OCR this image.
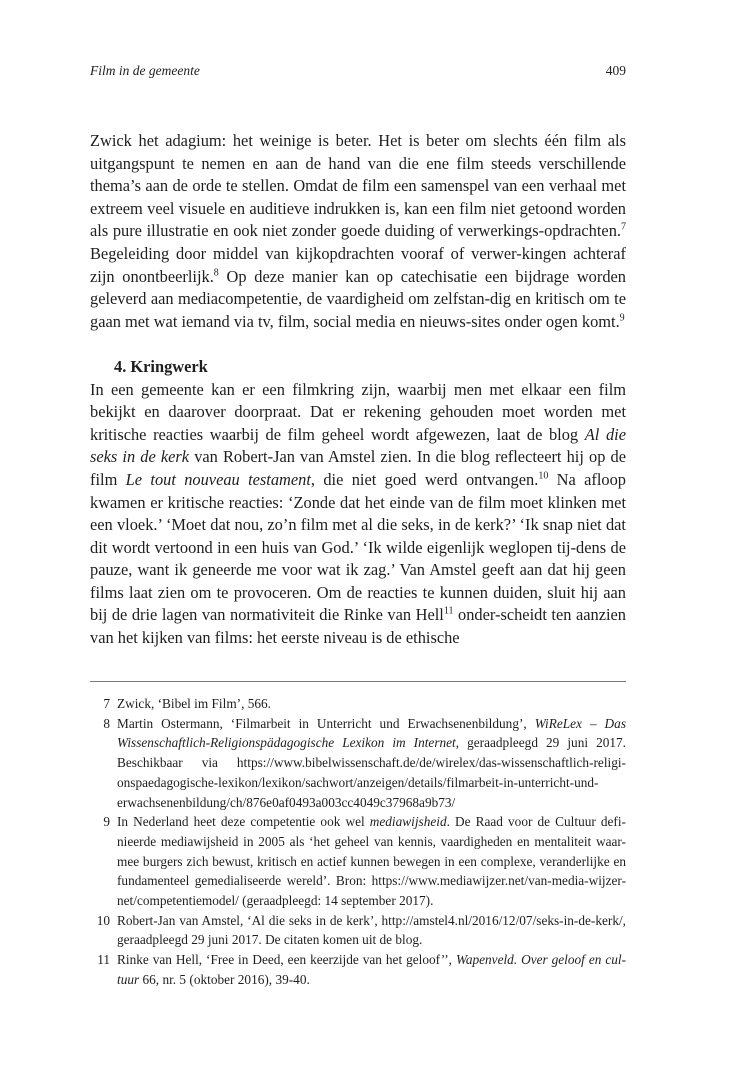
Film in de gemeente	409

Zwick het adagium: het weinige is beter. Het is beter om slechts één film als uitgangspunt te nemen en aan de hand van die ene film steeds verschillende thema’s aan de orde te stellen. Omdat de film een samenspel van een verhaal met extreem veel visuele en auditieve indrukken is, kan een film niet getoond worden als pure illustratie en ook niet zonder goede duiding of verwerkings-opdrachten.$^7$ Begeleiding door middel van kijkopdrachten vooraf of verwer-kingen achteraf zijn onontbeerlijk.$^8$ Op deze manier kan op catechisatie een bijdrage worden geleverd aan mediacompetentie, de vaardigheid om zelfstan-dig en kritisch om te gaan met wat iemand via tv, film, social media en nieuws-sites onder ogen komt.$^9$

4. Kringwerk

In een gemeente kan er een filmkring zijn, waarbij men met elkaar een film bekijkt en daarover doorpraat. Dat er rekening gehouden moet worden met kritische reacties waarbij de film geheel wordt afgewezen, laat de blog Al die seks in de kerk van Robert-Jan van Amstel zien. In die blog reflecteert hij op de film Le tout nouveau testament, die niet goed werd ontvangen.$^{10}$ Na afloop kwamen er kritische reacties: ‘Zonde dat het einde van de film moet klinken met een vloek.’ ‘Moet dat nou, zo’n film met al die seks, in de kerk?’ ‘Ik snap niet dat dit wordt vertoond in een huis van God.’ ‘Ik wilde eigenlijk weglopen tij-dens de pauze, want ik geneerde me voor wat ik zag.’ Van Amstel geeft aan dat hij geen films laat zien om te provoceren. Om de reacties te kunnen duiden, sluit hij aan bij de drie lagen van normativiteit die Rinke van Hell$^{11}$ onder-scheidt ten aanzien van het kijken van films: het eerste niveau is de ethische

7 Zwick, ‘Bibel im Film’, 566.
8 Martin Ostermann, ‘Filmarbeit in Unterricht und Erwachsenenbildung’, WiReLex – Das Wissenschaftlich-Religionspädagogische Lexikon im Internet, geraadpleegd 29 juni 2017. Beschikbaar via https://www.bibelwissenschaft.de/de/wirelex/das-wissenschaftlich-religi-onspaedagogische-lexikon/lexikon/sachwort/anzeigen/details/filmarbeit-in-unterricht-und-erwachsenenbildung/ch/876e0af0493a003cc4049c37968a9b73/
9 In Nederland heet deze competentie ook wel mediawijsheid. De Raad voor de Cultuur defi-nieerde mediawijsheid in 2005 als ‘het geheel van kennis, vaardigheden en mentaliteit waar-mee burgers zich bewust, kritisch en actief kunnen bewegen in een complexe, veranderlijke en fundamenteel gemedialiseerde wereld’. Bron: https://www.mediawijzer.net/van-media-wijzer-net/competentiemodel/ (geraadpleegd: 14 september 2017).
10 Robert-Jan van Amstel, ‘Al die seks in de kerk’, http://amstel4.nl/2016/12/07/seks-in-de-kerk/, geraadpleegd 29 juni 2017. De citaten komen uit de blog.
11 Rinke van Hell, ‘Free in Deed, een keerzijde van het geloof’’, Wapenveld. Over geloof en cul-tuur 66, nr. 5 (oktober 2016), 39-40.
